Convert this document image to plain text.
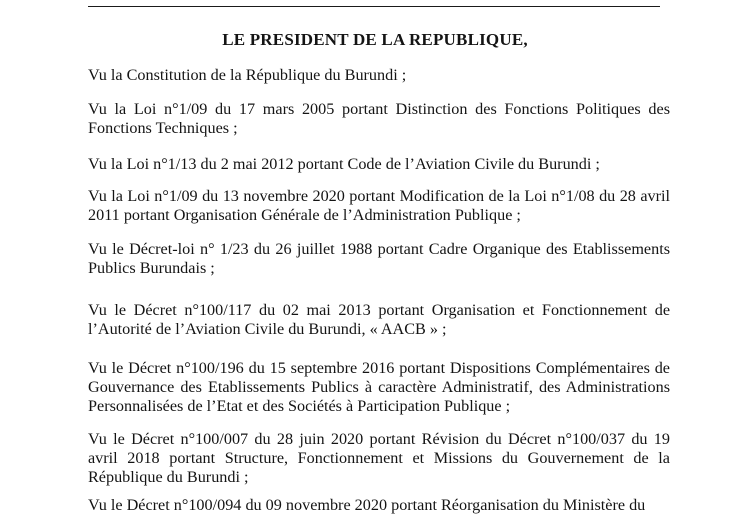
LE PRESIDENT DE LA REPUBLIQUE,
Vu la Constitution de la République du Burundi ;
Vu la Loi n°1/09 du 17 mars 2005 portant Distinction des Fonctions Politiques des Fonctions Techniques ;
Vu la Loi n°1/13 du 2 mai 2012 portant Code de l’Aviation Civile du Burundi ;
Vu la Loi n°1/09 du 13 novembre 2020 portant Modification de la Loi n°1/08 du 28 avril 2011 portant Organisation Générale de l’Administration Publique ;
Vu le Décret-loi n° 1/23 du 26 juillet 1988 portant Cadre Organique des Etablissements Publics Burundais ;
Vu le Décret n°100/117 du 02 mai 2013 portant Organisation et Fonctionnement de l’Autorité de l’Aviation Civile du Burundi, « AACB » ;
Vu le Décret n°100/196 du 15 septembre 2016 portant Dispositions Complémentaires de Gouvernance des Etablissements Publics à caractère Administratif, des Administrations Personnalisées de l’Etat et des Sociétés à Participation Publique ;
Vu le Décret n°100/007 du 28 juin 2020 portant Révision du Décret n°100/037 du 19 avril 2018 portant Structure, Fonctionnement et Missions du Gouvernement de la République du Burundi ;
Vu le Décret n°100/094 du 09 novembre 2020 portant Réorganisation du Ministère du
